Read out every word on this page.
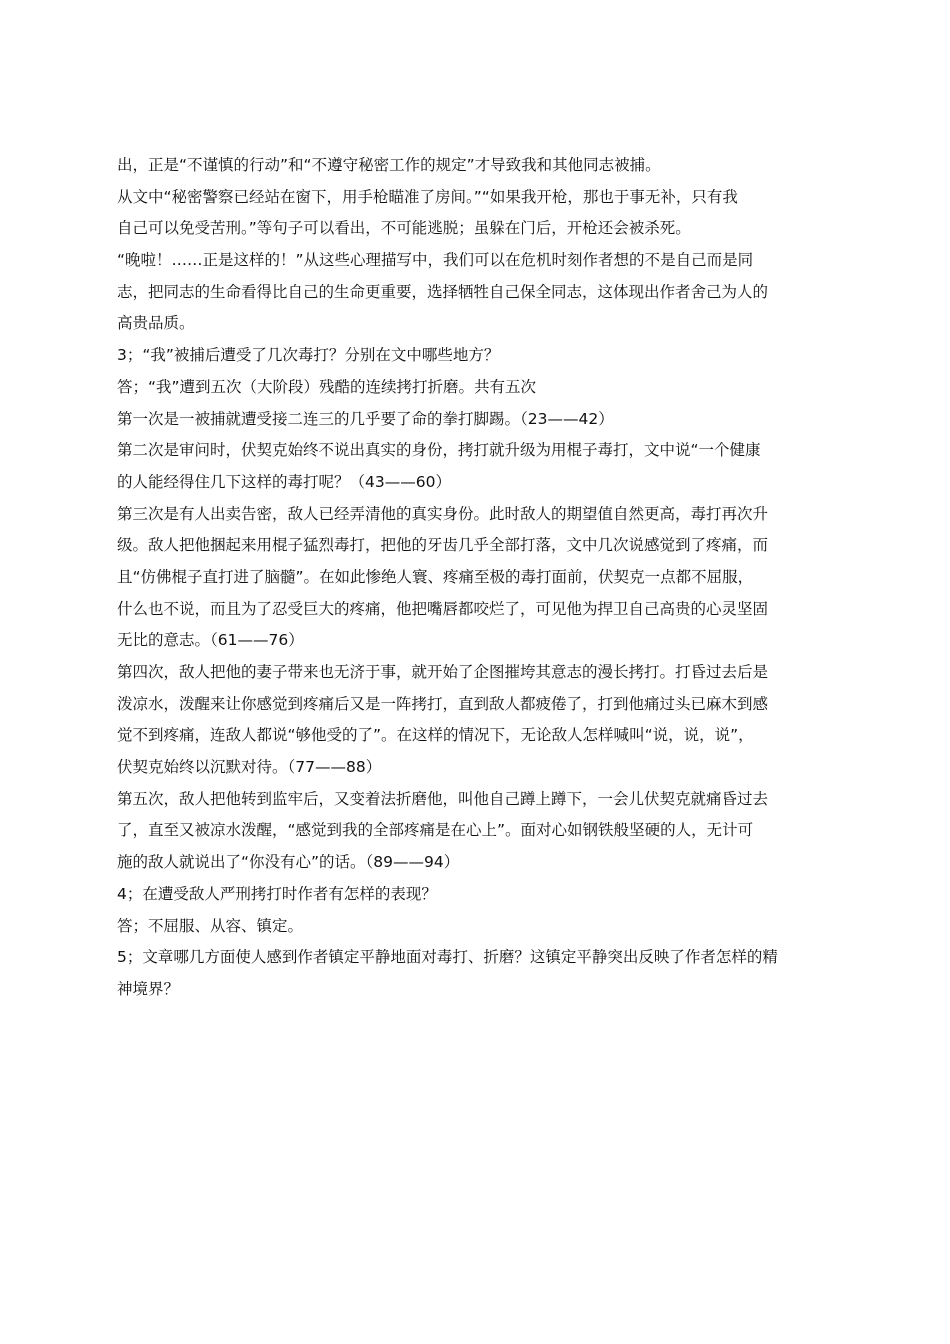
出，正是“不谨慎的行动”和“不遵守秘密工作的规定”才导致我和其他同志被捕。
从文中“秘密警察已经站在窗下，用手枪瞄准了房间。”“如果我开枪，那也于事无补，只有我
自己可以免受苦刑。”等句子可以看出，不可能逃脱；虽躲在门后，开枪还会被杀死。
“晚啦！……正是这样的！”从这些心理描写中，我们可以在危机时刻作者想的不是自己而是同
志，把同志的生命看得比自己的生命更重要，选择牺牲自己保全同志，这体现出作者舍己为人的
高贵品质。
3；“我”被捕后遭受了几次毒打？分别在文中哪些地方？
答；“我”遭到五次（大阶段）残酷的连续拷打折磨。共有五次
第一次是一被捕就遭受接二连三的几乎要了命的拳打脚踢。（23——42）
第二次是审问时，伏契克始终不说出真实的身份，拷打就升级为用棍子毒打，文中说“一个健康
的人能经得住几下这样的毒打呢？（43——60）
第三次是有人出卖告密，敌人已经弄清他的真实身份。此时敌人的期望值自然更高，毒打再次升
级。敌人把他捆起来用棍子猛烈毒打，把他的牙齿几乎全部打落，文中几次说感觉到了疼痛，而
且“仿佛棍子直打进了脑髓”。在如此惨绝人寰、疼痛至极的毒打面前，伏契克一点都不屈服，
什么也不说，而且为了忍受巨大的疼痛，他把嘴唇都咬烂了，可见他为捍卫自己高贵的心灵坚固
无比的意志。（61——76）
第四次，敌人把他的妻子带来也无济于事，就开始了企图摧垮其意志的漫长拷打。打昏过去后是
泼凉水，泼醒来让你感觉到疼痛后又是一阵拷打，直到敌人都疲倦了，打到他痛过头已麻木到感
觉不到疼痛，连敌人都说“够他受的了”。在这样的情况下，无论敌人怎样喊叫“说，说，说”，
伏契克始终以沉默对待。（77——88）
第五次，敌人把他转到监牢后，又变着法折磨他，叫他自己蹲上蹲下，一会儿伏契克就痛昏过去
了，直至又被凉水泼醒，“感觉到我的全部疼痛是在心上”。面对心如钢铁般坚硬的人，无计可
施的敌人就说出了“你没有心”的话。（89——94）
4；在遭受敌人严刑拷打时作者有怎样的表现？
答；不屈服、从容、镇定。
5；文章哪几方面使人感到作者镇定平静地面对毒打、折磨？这镇定平静突出反映了作者怎样的精
神境界？
